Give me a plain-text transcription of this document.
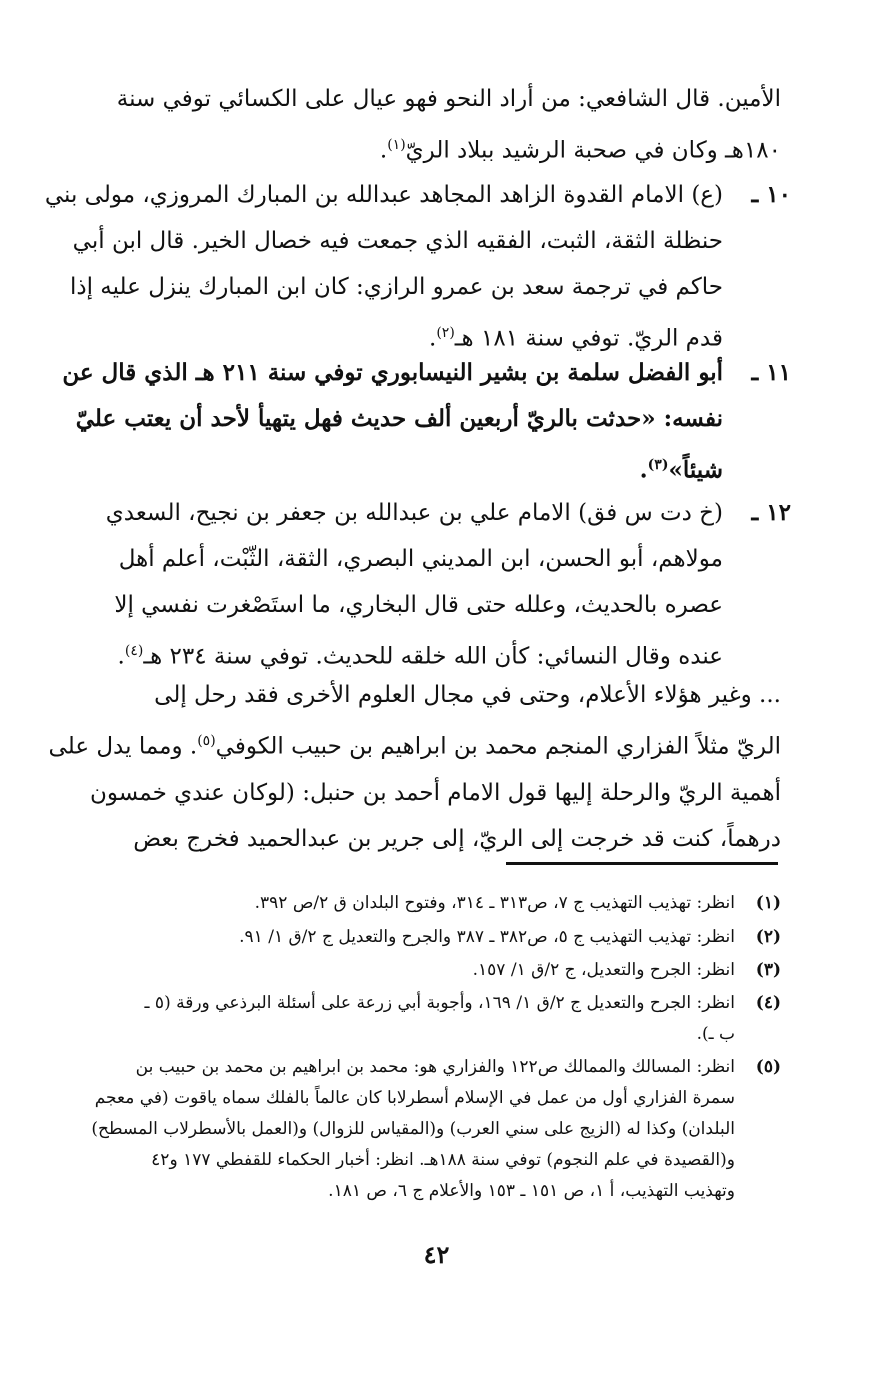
الأمين. قال الشافعي: من أراد النحو فهو عيال على الكسائي توفي سنة
١٨٠هـ وكان في صحبة الرشيد ببلاد الريّ$^{(١)}$.
١٠ ـ
(ع) الامام القدوة الزاهد المجاهد عبدالله بن المبارك المروزي، مولى بني
حنظلة الثقة، الثبت، الفقيه الذي جمعت فيه خصال الخير. قال ابن أبي
حاكم في ترجمة سعد بن عمرو الرازي: كان ابن المبارك ينزل عليه إذا
قدم الريّ. توفي سنة ١٨١ هـ$^{(٢)}$.
١١ ـ
أبو الفضل سلمة بن بشير النيسابوري توفي سنة ٢١١ هـ الذي قال عن
نفسه: «حدثت بالريّ أربعين ألف حديث فهل يتهيأ لأحد أن يعتب عليّ
شيئاً»$^{(٣)}$.
١٢ ـ
(خ دت س فق) الامام علي بن عبدالله بن جعفر بن نجيح، السعدي
مولاهم، أبو الحسن، ابن المديني البصري، الثقة، الثّبْت، أعلم أهل
عصره بالحديث، وعلله حتى قال البخاري، ما استَصْغرت نفسي إلا
عنده وقال النسائي: كأن الله خلقه للحديث. توفي سنة ٢٣٤ هـ$^{(٤)}$.
... وغير هؤلاء الأعلام، وحتى في مجال العلوم الأخرى فقد رحل إلى
الريّ مثلاً الفزاري المنجم محمد بن ابراهيم بن حبيب الكوفي$^{(٥)}$. ومما يدل على
أهمية الريّ والرحلة إليها قول الامام أحمد بن حنبل: (لوكان عندي خمسون
درهماً، كنت قد خرجت إلى الريّ، إلى جرير بن عبدالحميد فخرج بعض
(١)
انظر: تهذيب التهذيب ج ٧، ص٣١٣ ـ ٣١٤، وفتوح البلدان ق ٢/ص ٣٩٢.
(٢)
انظر: تهذيب التهذيب ج ٥، ص٣٨٢ ـ ٣٨٧ والجرح والتعديل ج ٢/ق ١/ ٩١.
(٣)
انظر: الجرح والتعديل، ج ٢/ق ١/ ١٥٧.
(٤)
انظر: الجرح والتعديل ج ٢/ق ١/ ١٦٩، وأجوبة أبي زرعة على أسئلة البرذعي ورقة (٥ ـ
ب ـ).
(٥)
انظر: المسالك والممالك ص١٢٢ والفزاري هو: محمد بن ابراهيم بن محمد بن حبيب بن
سمرة الفزاري أول من عمل في الإسلام أسطرلابا كان عالماً بالفلك سماه ياقوت (في معجم
البلدان) وكذا له (الزيج على سني العرب) و(المقياس للزوال) و(العمل بالأسطرلاب المسطح)
و(القصيدة في علم النجوم) توفي سنة ١٨٨هـ. انظر: أخبار الحكماء للقفطي ١٧٧ و٤٢
وتهذيب التهذيب، أ ١، ص ١٥١ ـ ١٥٣ والأعلام ج ٦، ص ١٨١.
٤٢
